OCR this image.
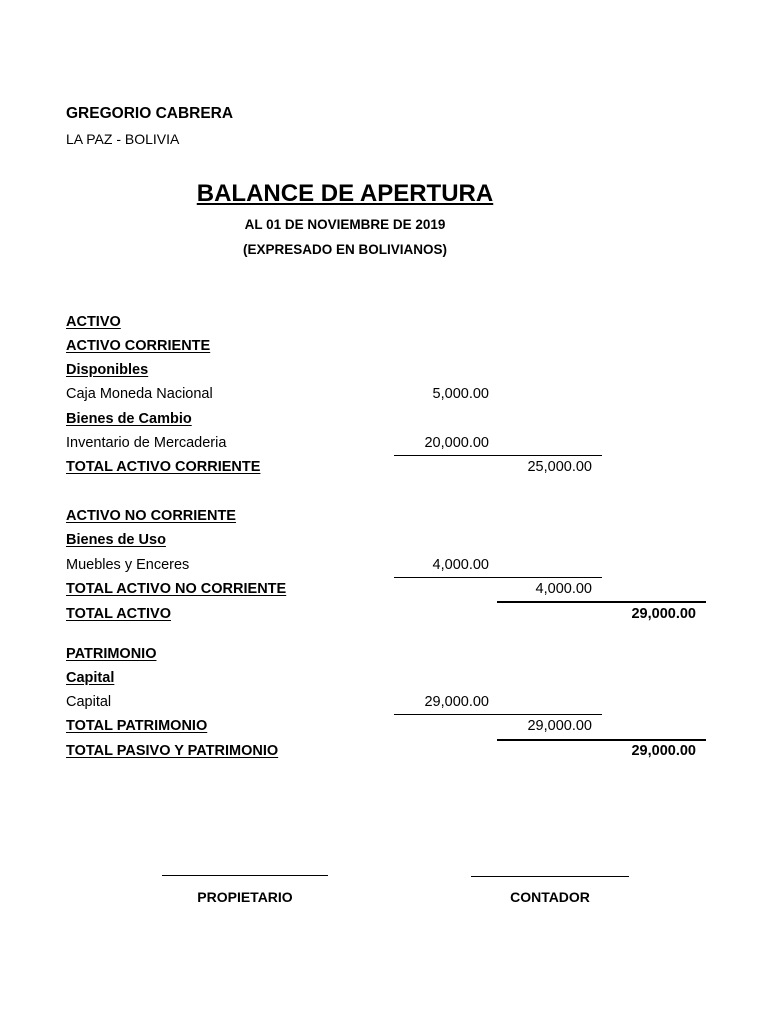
GREGORIO CABRERA
LA PAZ - BOLIVIA
BALANCE DE APERTURA
AL 01 DE NOVIEMBRE DE 2019
(EXPRESADO EN BOLIVIANOS)
ACTIVO
ACTIVO CORRIENTE
Disponibles
Caja Moneda Nacional	5,000.00
Bienes de Cambio
Inventario de Mercaderia	20,000.00
TOTAL ACTIVO CORRIENTE	25,000.00
ACTIVO NO CORRIENTE
Bienes de Uso
Muebles y Enceres	4,000.00
TOTAL ACTIVO NO CORRIENTE	4,000.00
TOTAL ACTIVO	29,000.00
PATRIMONIO
Capital
Capital	29,000.00
TOTAL PATRIMONIO	29,000.00
TOTAL PASIVO Y PATRIMONIO	29,000.00
PROPIETARIO	CONTADOR
